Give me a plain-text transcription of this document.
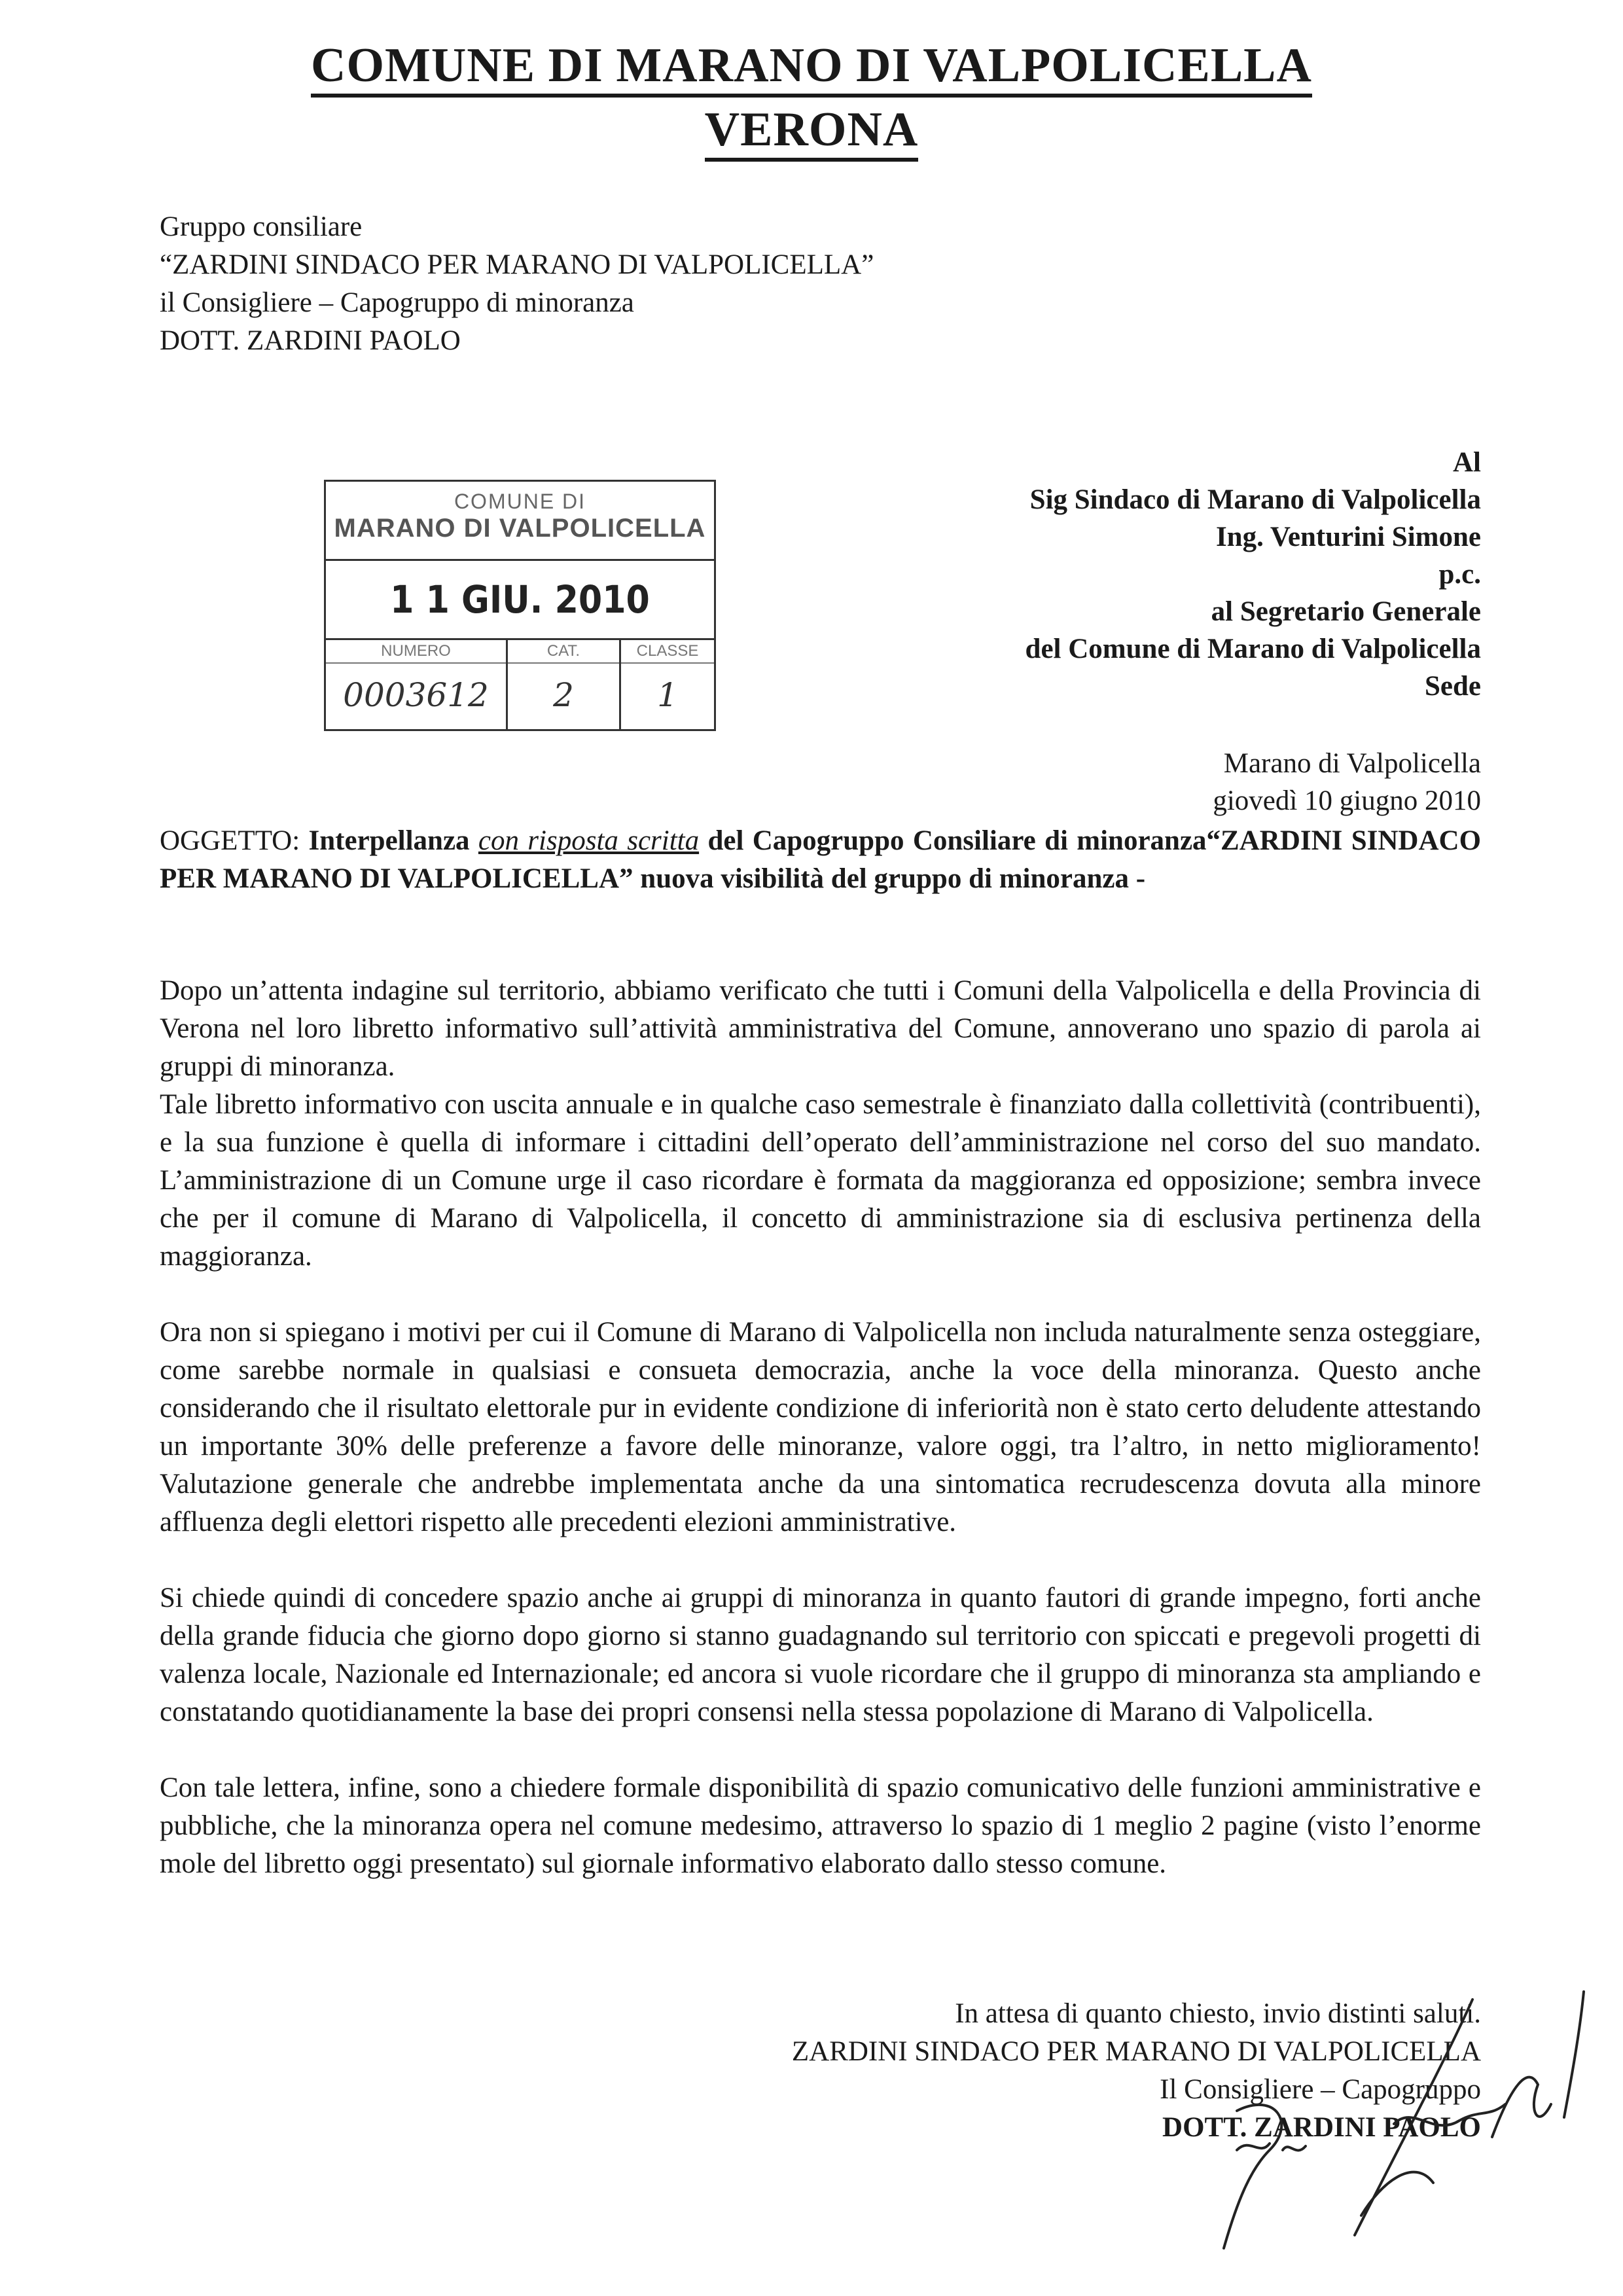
COMUNE DI MARANO DI VALPOLICELLA
VERONA
Gruppo consiliare
“ZARDINI SINDACO PER MARANO DI VALPOLICELLA”
il Consigliere – Capogruppo di minoranza
DOTT. ZARDINI PAOLO
COMUNE DI
MARANO DI VALPOLICELLA
1 1 GIU. 2010
NUMERO
0003612
CAT.
2
CLASSE
1
Al
Sig Sindaco di Marano di Valpolicella
Ing. Venturini Simone
p.c.
al Segretario Generale
del Comune di Marano di Valpolicella
Sede
Marano di Valpolicella
giovedì 10 giugno 2010
OGGETTO: Interpellanza con risposta scritta del Capogruppo Consiliare di minoranza“ZARDINI SINDACO PER MARANO DI VALPOLICELLA” nuova visibilità del gruppo di minoranza -

Dopo un’attenta indagine sul territorio, abbiamo verificato che tutti i Comuni della Valpolicella e della Provincia di Verona nel loro libretto informativo sull’attività amministrativa del Comune, annoverano uno spazio di parola ai gruppi di minoranza.

Tale libretto informativo con uscita annuale e in qualche caso semestrale è finanziato dalla collettività (contribuenti), e la sua funzione è quella di informare i cittadini dell’operato dell’amministrazione nel corso del suo mandato. L’amministrazione di un Comune urge il caso ricordare è formata da maggioranza ed opposizione; sembra invece che per il comune di Marano di Valpolicella, il concetto di amministrazione sia di esclusiva pertinenza della maggioranza.

Ora non si spiegano i motivi per cui il Comune di Marano di Valpolicella non includa naturalmente senza osteggiare, come sarebbe normale in qualsiasi e consueta democrazia, anche la voce della minoranza. Questo anche considerando che il risultato elettorale pur in evidente condizione di inferiorità non è stato certo deludente attestando un importante 30% delle preferenze a favore delle minoranze, valore oggi, tra l’altro, in netto miglioramento! Valutazione generale che andrebbe implementata anche da una sintomatica recrudescenza dovuta alla minore affluenza degli elettori rispetto alle precedenti elezioni amministrative.

Si chiede quindi di concedere spazio anche ai gruppi di minoranza in quanto fautori di grande impegno, forti anche della grande fiducia che giorno dopo giorno si stanno guadagnando sul territorio con spiccati e pregevoli progetti di valenza locale, Nazionale ed Internazionale; ed ancora si vuole ricordare che il gruppo di minoranza sta ampliando e constatando quotidianamente la base dei propri consensi nella stessa popolazione di Marano di Valpolicella.

Con tale lettera, infine, sono a chiedere formale disponibilità di spazio comunicativo delle funzioni amministrative e pubbliche, che la minoranza opera nel comune medesimo, attraverso lo spazio di 1 meglio 2 pagine (visto l’enorme mole del libretto oggi presentato) sul giornale informativo elaborato dallo stesso comune.

In attesa di quanto chiesto, invio distinti saluti.
ZARDINI SINDACO PER MARANO DI VALPOLICELLA
Il Consigliere – Capogruppo
DOTT. ZARDINI PAOLO
